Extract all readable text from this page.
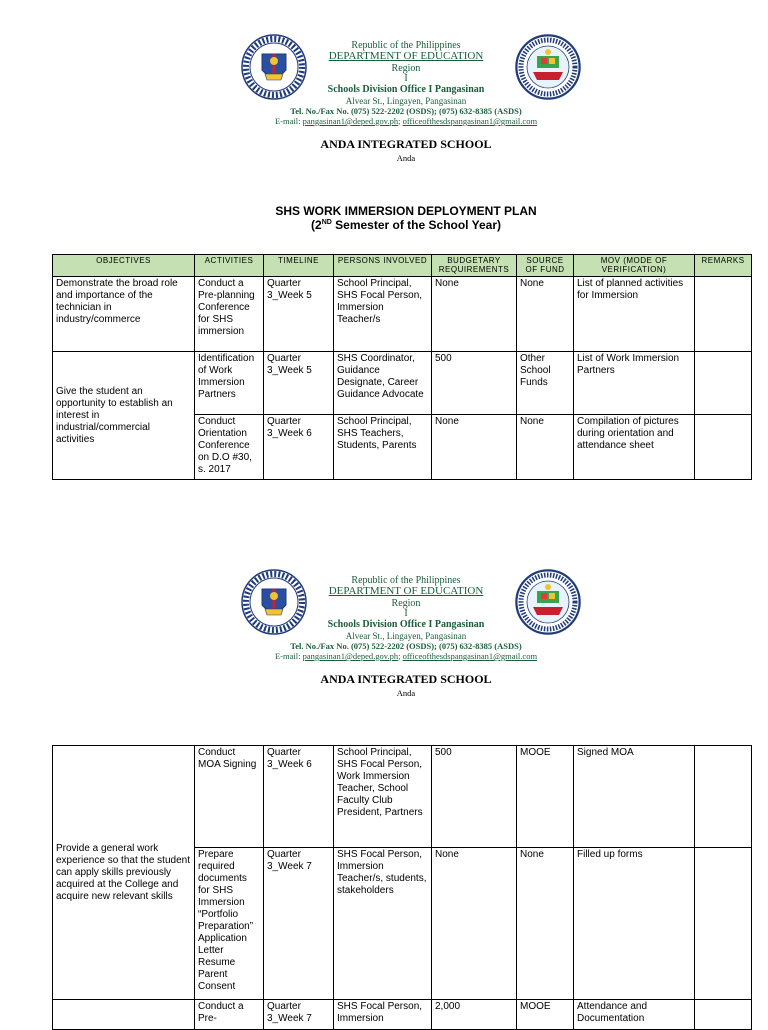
Republic of the Philippines
DEPARTMENT OF EDUCATION
Region
I
Schools Division Office I Pangasinan
Alvear St., Lingayen, Pangasinan
Tel. No./Fax No. (075) 522-2202 (OSDS); (075) 632-8385 (ASDS)
E-mail: pangasinan1@deped.gov.ph; officeofthesdspangasinan1@gmail.com
ANDA INTEGRATED SCHOOL
Anda
SHS WORK IMMERSION DEPLOYMENT PLAN
(2ND Semester of the School Year)
OBJECTIVES	ACTIVITIES	TIMELINE	PERSONS INVOLVED	BUDGETARY REQUIREMENTS	SOURCE OF FUND	MOV (MODE OF VERIFICATION)	REMARKS
Demonstrate the broad role and importance of the technician in industry/commerce	Conduct a Pre-planning Conference for SHS immersion	Quarter 3_Week 5	School Principal, SHS Focal Person, Immersion Teacher/s	None	None	List of planned activities for Immersion	
Give the student an opportunity to establish an interest in industrial/commercial activities	Identification of Work Immersion Partners	Quarter 3_Week 5	SHS Coordinator, Guidance Designate, Career Guidance Advocate	500	Other School Funds	List of Work Immersion Partners	
	Conduct Orientation Conference on D.O #30, s. 2017	Quarter 3_Week 6	School Principal, SHS Teachers, Students, Parents	None	None	Compilation of pictures during orientation and attendance sheet	
Republic of the Philippines
DEPARTMENT OF EDUCATION
Region
I
Schools Division Office I Pangasinan
Alvear St., Lingayen, Pangasinan
Tel. No./Fax No. (075) 522-2202 (OSDS); (075) 632-8385 (ASDS)
E-mail: pangasinan1@deped.gov.ph; officeofthesdspangasinan1@gmail.com
ANDA INTEGRATED SCHOOL
Anda
Provide a general work experience so that the student can apply skills previously acquired at the College and acquire new relevant skills	Conduct MOA Signing	Quarter 3_Week 6	School Principal, SHS Focal Person, Work Immersion Teacher, School Faculty Club President, Partners	500	MOOE	Signed MOA	
	Prepare required documents for SHS Immersion “Portfolio Preparation” Application Letter Resume Parent Consent	Quarter 3_Week 7	SHS Focal Person, Immersion Teacher/s, students, stakeholders	None	None	Filled up forms	
	Conduct a Pre-	Quarter 3_Week 7	SHS Focal Person, Immersion	2,000	MOOE	Attendance and Documentation	
